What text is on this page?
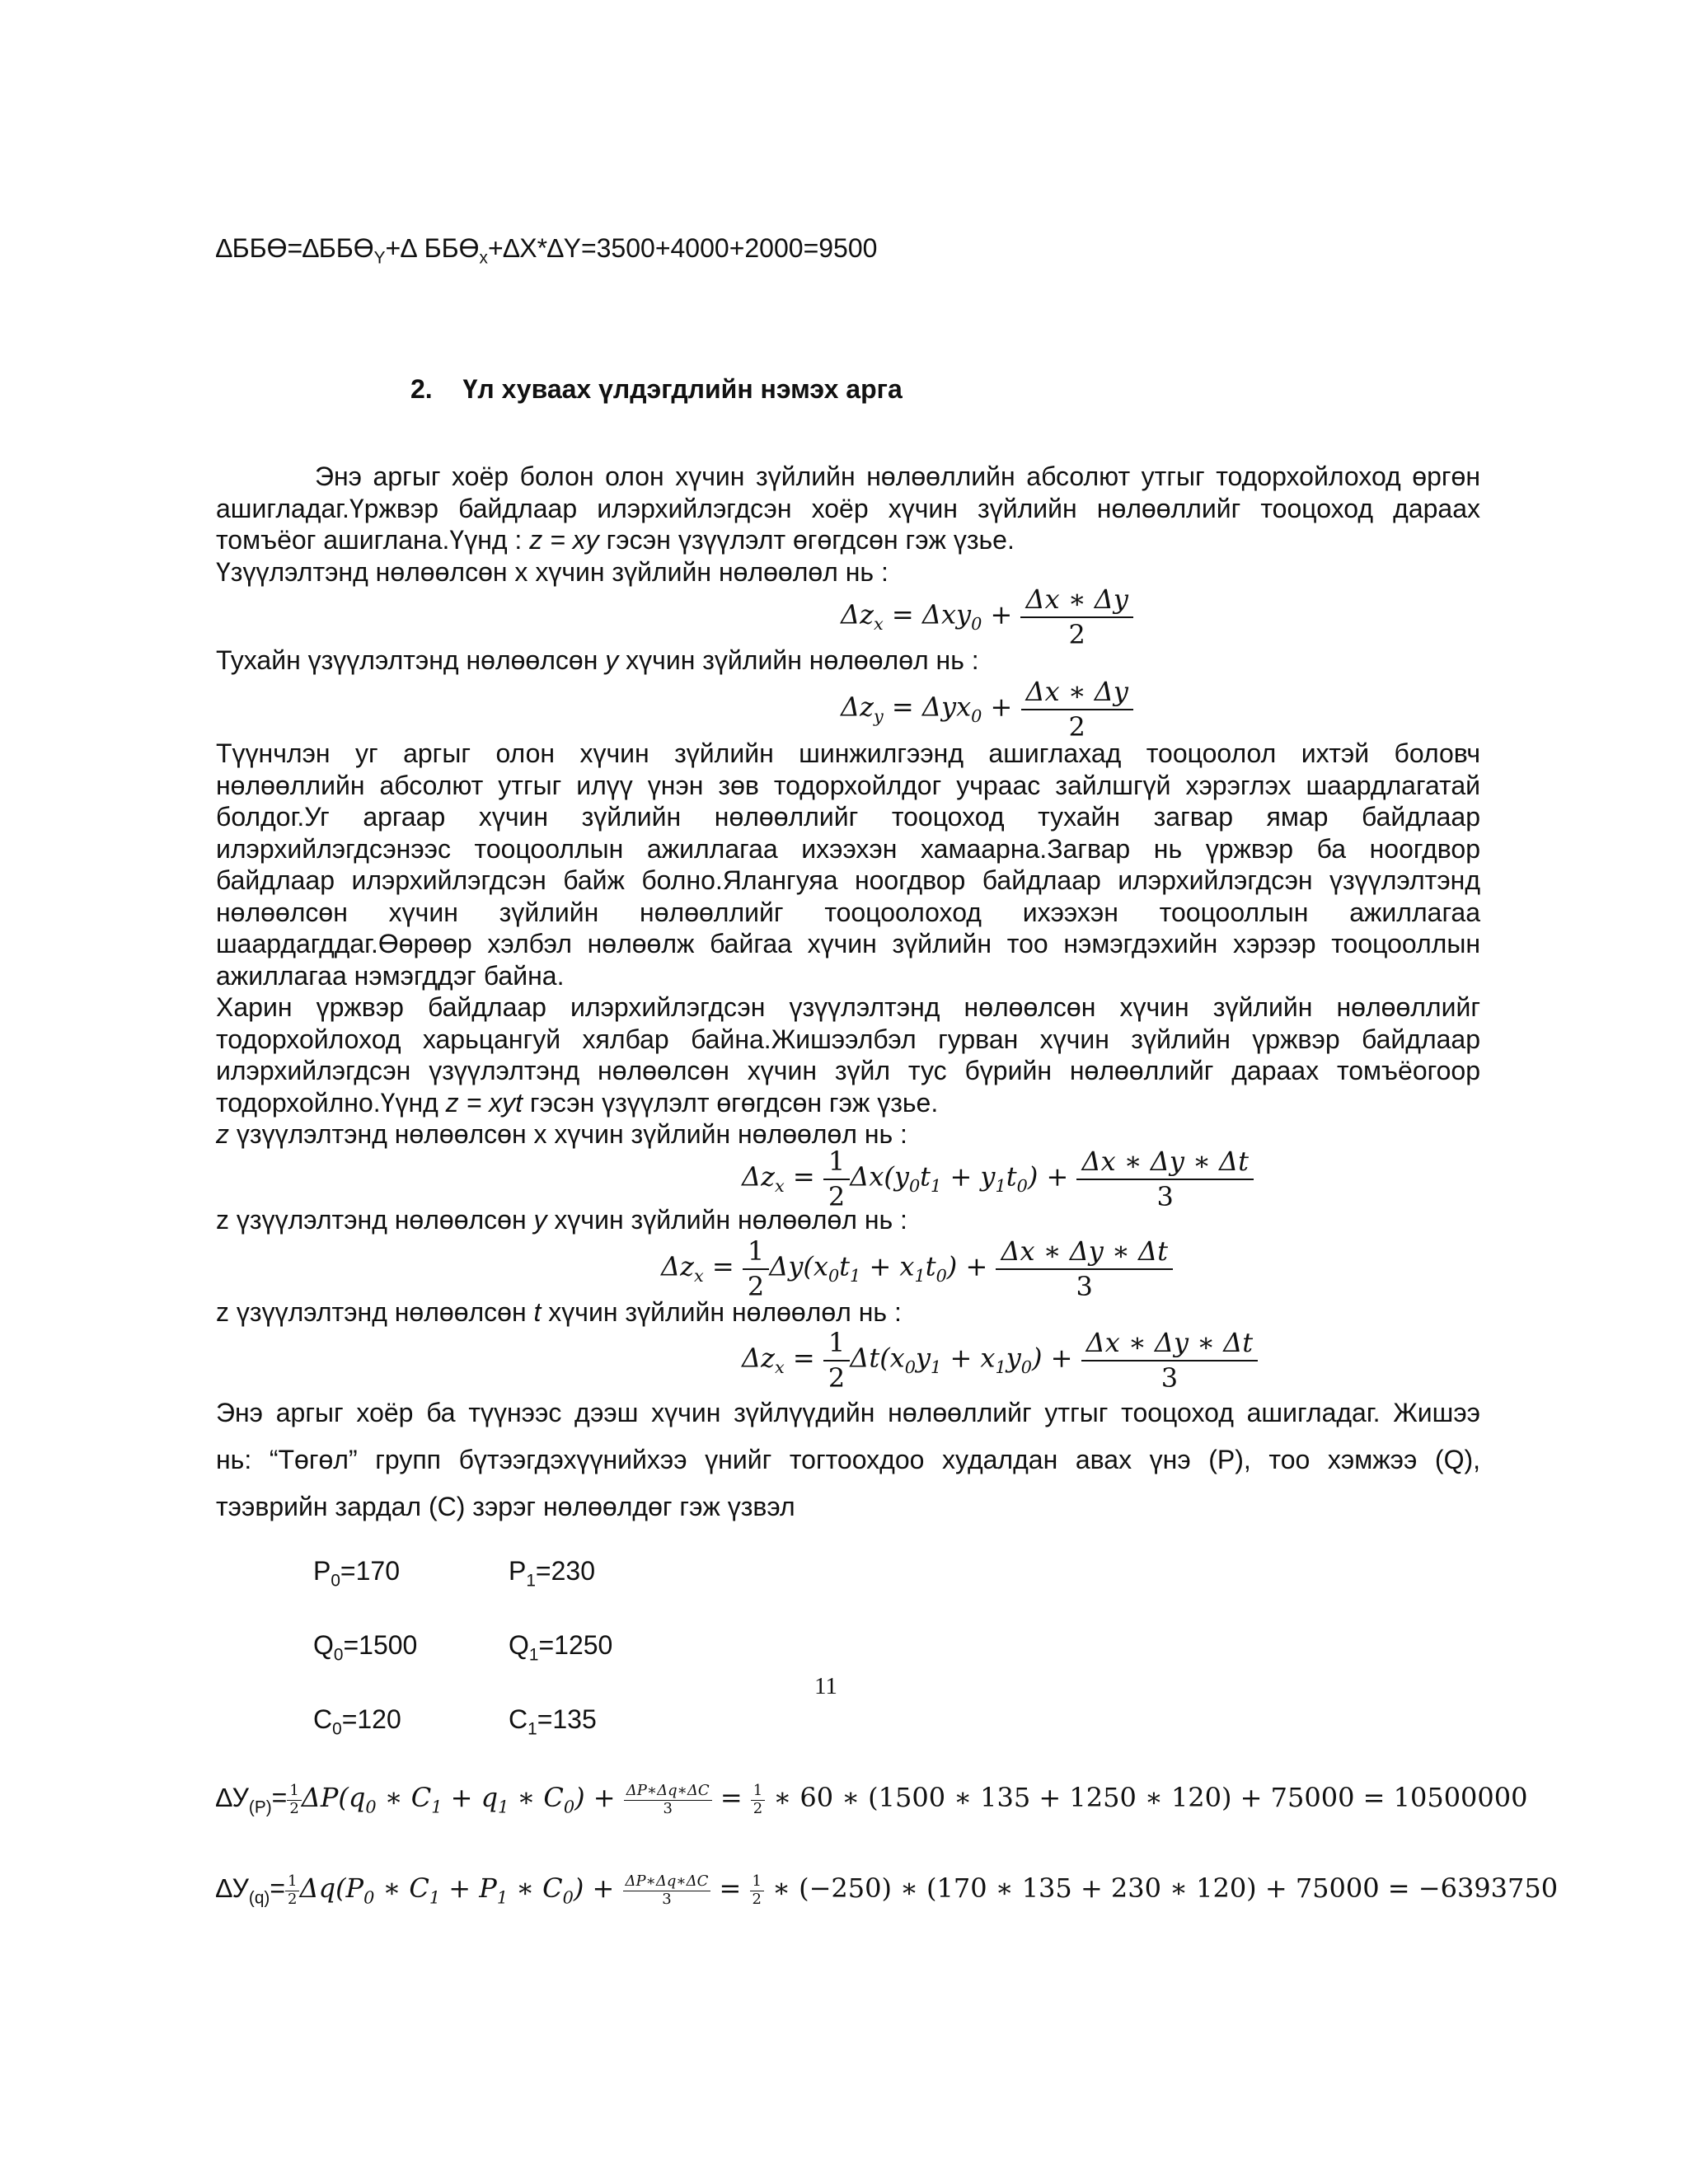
$\Delta ББӨ=\Delta ББӨ_Y+\Delta$ $ББӨ_x+\Delta X*\Delta Y=3500+4000+2000=9500$
2. Үл хуваах үлдэгдлийн нэмэх арга
Энэ аргыг хоёр болон олон хүчин зүйлийн нөлөөллийн абсолют утгыг тодорхойлоход өргөн
ашигладаг.Үржвэр байдлаар илэрхийлэгдсэн хоёр хүчин зүйлийн нөлөөллийг тооцоход дараах
томъёог ашиглана.Үүнд : z = xy гэсэн үзүүлэлт өгөгдсөн гэж үзье.
Үзүүлэлтэнд нөлөөлсөн x хүчин зүйлийн нөлөөлөл нь :
$\Delta z_x = \Delta xy_0 + \frac{\Delta x ∗ \Delta y}{2}$
Тухайн үзүүлэлтэнд нөлөөлсөн y хүчин зүйлийн нөлөөлөл нь :
$\Delta z_y = \Delta yx_0 + \frac{\Delta x ∗ \Delta y}{2}$
Түүнчлэн уг аргыг олон хүчин зүйлийн шинжилгээнд ашиглахад тооцоолол ихтэй боловч
нөлөөллийн абсолют утгыг илүү үнэн зөв тодорхойлдог учраас зайлшгүй хэрэглэх шаардлагатай
болдог.Уг аргаар хүчин зүйлийн нөлөөллийг тооцоход тухайн загвар ямар байдлаар
илэрхийлэгдсэнээс тооцооллын ажиллагаа ихээхэн хамаарна.Загвар нь үржвэр ба ноогдвор
байдлаар илэрхийлэгдсэн байж болно.Ялангуяа ноогдвор байдлаар илэрхийлэгдсэн үзүүлэлтэнд
нөлөөлсөн хүчин зүйлийн нөлөөллийг тооцоолоход ихээхэн тооцооллын ажиллагаа
шаардагддаг.Өөрөөр хэлбэл нөлөөлж байгаа хүчин зүйлийн тоо нэмэгдэхийн хэрээр тооцооллын
ажиллагаа нэмэгддэг байна.
Харин үржвэр байдлаар илэрхийлэгдсэн үзүүлэлтэнд нөлөөлсөн хүчин зүйлийн нөлөөллийг
тодорхойлоход харьцангуй хялбар байна.Жишээлбэл гурван хүчин зүйлийн үржвэр байдлаар
илэрхийлэгдсэн үзүүлэлтэнд нөлөөлсөн хүчин зүйл тус бүрийн нөлөөллийг дараах томъёогоор
тодорхойлно.Үүнд z = xyt гэсэн үзүүлэлт өгөгдсөн гэж үзье.
z үзүүлэлтэнд нөлөөлсөн x хүчин зүйлийн нөлөөлөл нь :
$\Delta z_x = \frac{1}{2} \Delta x(y_0t_1 + y_1t_0) + \frac{\Delta x ∗ \Delta y ∗ \Delta t}{3}$
z үзүүлэлтэнд нөлөөлсөн y хүчин зүйлийн нөлөөлөл нь :
$\Delta z_x = \frac{1}{2} \Delta y(x_0t_1 + x_1t_0) + \frac{\Delta x ∗ \Delta y ∗ \Delta t}{3}$
z үзүүлэлтэнд нөлөөлсөн t хүчин зүйлийн нөлөөлөл нь :
$\Delta z_x = \frac{1}{2} \Delta t(x_0y_1 + x_1y_0) + \frac{\Delta x ∗ \Delta y ∗ \Delta t}{3}$
Энэ аргыг хоёр ба түүнээс дээш хүчин зүйлүүдийн нөлөөллийг утгыг тооцоход ашигладаг. Жишээ
нь: “Төгөл” групп бүтээгдэхүүнийхээ үнийг тогтоохдоо худалдан авах үнэ (P), тоо хэмжээ (Q),
тээврийн зардал (C) зэрэг нөлөөлдөг гэж үзвэл
$P_0=170$	$P_1=230$
$Q_0=1500$	$Q_1=1250$
$C_0=120$	$C_1=135$
11
$\Delta У_{(P)}= \frac{1}{2} \Delta P(q_0$ ∗ $C_1 + q_1$ ∗ $C_0) + \frac{\Delta P∗\Delta q∗\Delta C}{3} = \frac{1}{2}$ ∗ 60 ∗ (1500 ∗ 135 + 1250 ∗ 120) + 75000 = 10500000
$\Delta У_{(q)}= \frac{1}{2} \Delta q(P_0$ ∗ $C_1 + P_1$ ∗ $C_0) + \frac{\Delta P∗\Delta q∗\Delta C}{3} = \frac{1}{2}$ ∗ (−250) ∗ (170 ∗ 135 + 230 ∗ 120) + 75000 = −6393750
